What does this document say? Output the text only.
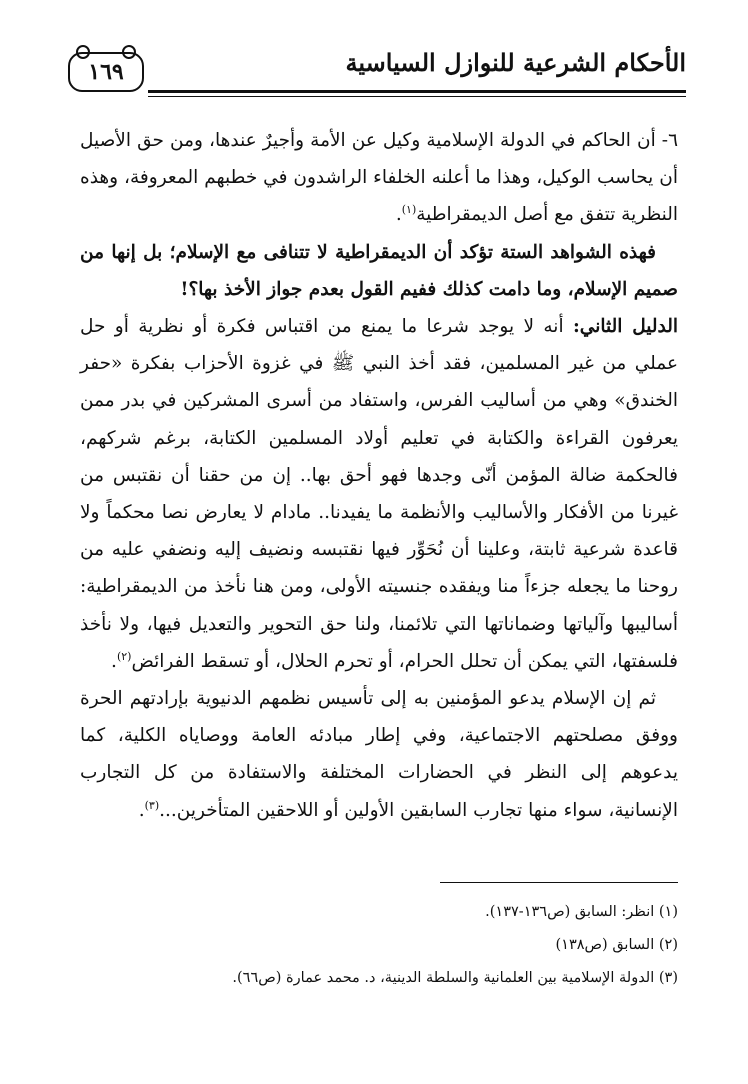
١٦٩	الأحكام الشرعية للنوازل السياسية

٦- أن الحاكم في الدولة الإسلامية وكيل عن الأمة وأجيرٌ عندها، ومن حق الأصيل أن يحاسب الوكيل، وهذا ما أعلنه الخلفاء الراشدون في خطبهم المعروفة، وهذه النظرية تتفق مع أصل الديمقراطية$^{(١)}$.

فهذه الشواهد الستة تؤكد أن الديمقراطية لا تتنافى مع الإسلام؛ بل إنها من صميم الإسلام، وما دامت كذلك ففيم القول بعدم جواز الأخذ بها؟!

الدليل الثاني: أنه لا يوجد شرعا ما يمنع من اقتباس فكرة أو نظرية أو حل عملي من غير المسلمين، فقد أخذ النبي ﷺ في غزوة الأحزاب بفكرة «حفر الخندق» وهي من أساليب الفرس، واستفاد من أسرى المشركين في بدر ممن يعرفون القراءة والكتابة في تعليم أولاد المسلمين الكتابة، برغم شركهم، فالحكمة ضالة المؤمن أنّى وجدها فهو أحق بها.. إن من حقنا أن نقتبس من غيرنا من الأفكار والأساليب والأنظمة ما يفيدنا.. مادام لا يعارض نصا محكماً ولا قاعدة شرعية ثابتة، وعلينا أن نُحَوِّر فيها نقتبسه ونضيف إليه ونضفي عليه من روحنا ما يجعله جزءاً منا ويفقده جنسيته الأولى، ومن هنا نأخذ من الديمقراطية: أساليبها وآلياتها وضماناتها التي تلائمنا، ولنا حق التحوير والتعديل فيها، ولا نأخذ فلسفتها، التي يمكن أن تحلل الحرام، أو تحرم الحلال، أو تسقط الفرائض$^{(٢)}$.

ثم إن الإسلام يدعو المؤمنين به إلى تأسيس نظمهم الدنيوية بإرادتهم الحرة ووفق مصلحتهم الاجتماعية، وفي إطار مبادئه العامة ووصاياه الكلية، كما يدعوهم إلى النظر في الحضارات المختلفة والاستفادة من كل التجارب الإنسانية، سواء منها تجارب السابقين الأولين أو اللاحقين المتأخرين...$^{(٣)}$.

(١) انظر: السابق (ص١٣٦-١٣٧).
(٢) السابق (ص١٣٨)
(٣) الدولة الإسلامية بين العلمانية والسلطة الدينية، د. محمد عمارة (ص٦٦).
